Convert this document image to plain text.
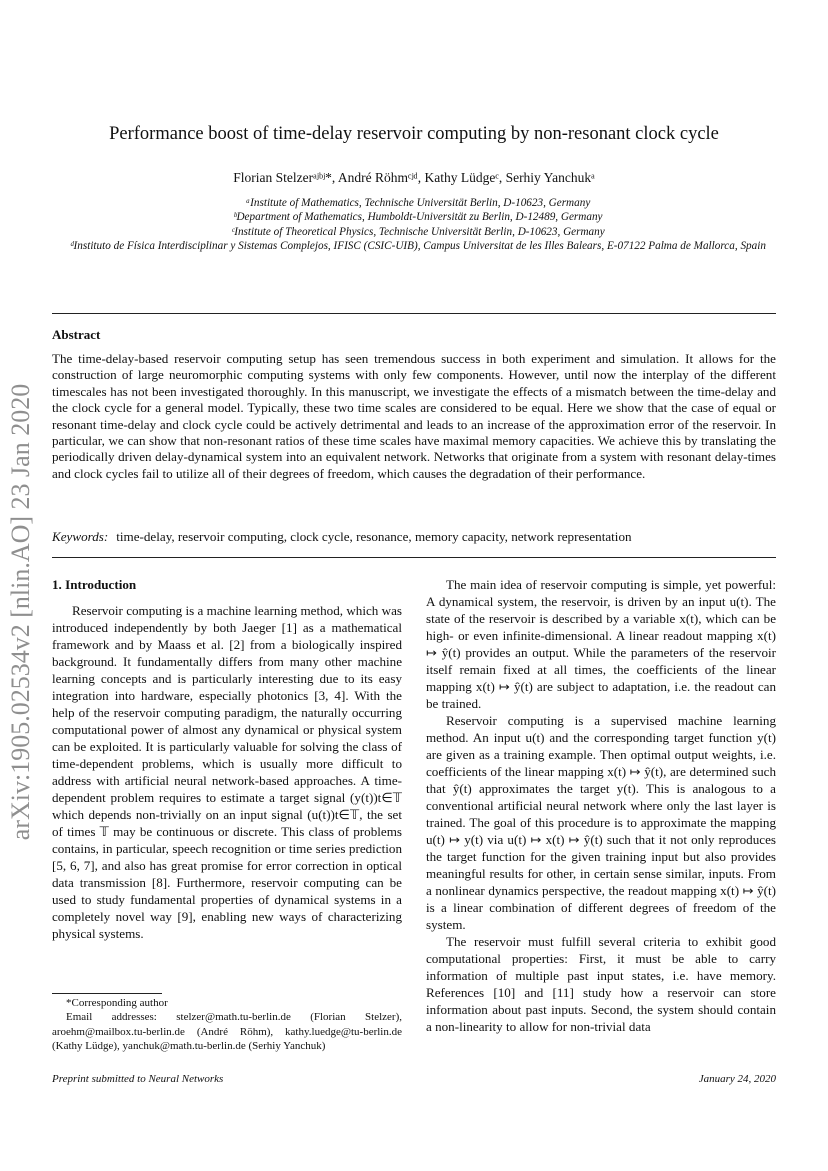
arXiv:1905.02534v2 [nlin.AO] 23 Jan 2020
Performance boost of time-delay reservoir computing by non-resonant clock cycle
Florian Stelzerᵃʲᵇʲ*, André Röhmᶜʲᵈ, Kathy Lüdgeᶜ, Serhiy Yanchukᵃ
ᵃInstitute of Mathematics, Technische Universität Berlin, D-10623, Germany
ᵇDepartment of Mathematics, Humboldt-Universität zu Berlin, D-12489, Germany
ᶜInstitute of Theoretical Physics, Technische Universität Berlin, D-10623, Germany
ᵈInstituto de Física Interdisciplinar y Sistemas Complejos, IFISC (CSIC-UIB), Campus Universitat de les Illes Balears, E-07122 Palma de Mallorca, Spain
Abstract
The time-delay-based reservoir computing setup has seen tremendous success in both experiment and simulation. It allows for the construction of large neuromorphic computing systems with only few components. However, until now the interplay of the different timescales has not been investigated thoroughly. In this manuscript, we investigate the effects of a mismatch between the time-delay and the clock cycle for a general model. Typically, these two time scales are considered to be equal. Here we show that the case of equal or resonant time-delay and clock cycle could be actively detrimental and leads to an increase of the approximation error of the reservoir. In particular, we can show that non-resonant ratios of these time scales have maximal memory capacities. We achieve this by translating the periodically driven delay-dynamical system into an equivalent network. Networks that originate from a system with resonant delay-times and clock cycles fail to utilize all of their degrees of freedom, which causes the degradation of their performance.
Keywords: time-delay, reservoir computing, clock cycle, resonance, memory capacity, network representation
1. Introduction

Reservoir computing is a machine learning method, which was introduced independently by both Jaeger [1] as a mathematical framework and by Maass et al. [2] from a biologically inspired background. It fundamentally differs from many other machine learning concepts and is particularly interesting due to its easy integration into hardware, especially photonics [3, 4]. With the help of the reservoir computing paradigm, the naturally occurring computational power of almost any dynamical or physical system can be exploited. It is particularly valuable for solving the class of time-dependent problems, which is usually more difficult to address with artificial neural network-based approaches. A time-dependent problem requires to estimate a target signal (y(t))t∈𝕋 which depends non-trivially on an input signal (u(t))t∈𝕋, the set of times 𝕋 may be continuous or discrete. This class of problems contains, in particular, speech recognition or time series prediction [5, 6, 7], and also has great promise for error correction in optical data transmission [8]. Furthermore, reservoir computing can be used to study fundamental properties of dynamical systems in a completely novel way [9], enabling new ways of characterizing physical systems.

The main idea of reservoir computing is simple, yet powerful: A dynamical system, the reservoir, is driven by an input u(t). The state of the reservoir is described by a variable x(t), which can be high- or even infinite-dimensional. A linear readout mapping x(t) ↦ ŷ(t) provides an output. While the parameters of the reservoir itself remain fixed at all times, the coefficients of the linear mapping x(t) ↦ ŷ(t) are subject to adaptation, i.e. the readout can be trained.

Reservoir computing is a supervised machine learning method. An input u(t) and the corresponding target function y(t) are given as a training example. Then optimal output weights, i.e. coefficients of the linear mapping x(t) ↦ ŷ(t), are determined such that ŷ(t) approximates the target y(t). This is analogous to a conventional artificial neural network where only the last layer is trained. The goal of this procedure is to approximate the mapping u(t) ↦ y(t) via u(t) ↦ x(t) ↦ ŷ(t) such that it not only reproduces the target function for the given training input but also provides meaningful results for other, in certain sense similar, inputs. From a nonlinear dynamics perspective, the readout mapping x(t) ↦ ŷ(t) is a linear combination of different degrees of freedom of the system.

The reservoir must fulfill several criteria to exhibit good computational properties: First, it must be able to carry information of multiple past input states, i.e. have memory. References [10] and [11] study how a reservoir can store information about past inputs. Second, the system should contain a non-linearity to allow for non-trivial data

*Corresponding author

Email addresses: stelzer@math.tu-berlin.de (Florian Stelzer), aroehm@mailbox.tu-berlin.de (André Röhm), kathy.luedge@tu-berlin.de (Kathy Lüdge), yanchuk@math.tu-berlin.de (Serhiy Yanchuk)

Preprint submitted to Neural Networks	January 24, 2020
